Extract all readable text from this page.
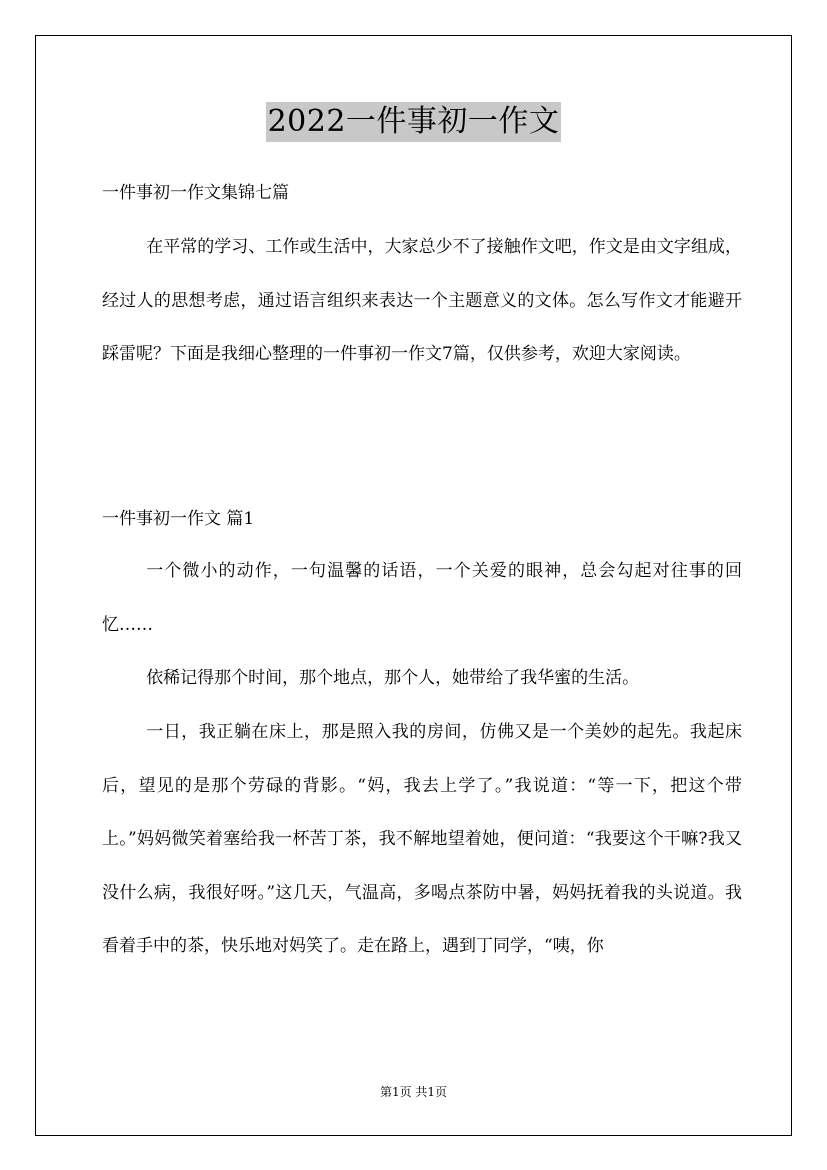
2022一件事初一作文
一件事初一作文集锦七篇

在平常的学习、工作或生活中，大家总少不了接触作文吧，作文是由文字组成，经过人的思想考虑，通过语言组织来表达一个主题意义的文体。怎么写作文才能避开踩雷呢？下面是我细心整理的一件事初一作文7篇，仅供参考，欢迎大家阅读。

一件事初一作文 篇1

一个微小的动作，一句温馨的话语，一个关爱的眼神，总会勾起对往事的回忆……

依稀记得那个时间，那个地点，那个人，她带给了我华蜜的生活。

一日，我正躺在床上，那是照入我的房间，仿佛又是一个美妙的起先。我起床后，望见的是那个劳碌的背影。“妈，我去上学了。”我说道：“等一下，把这个带上。”妈妈微笑着塞给我一杯苦丁茶，我不解地望着她，便问道：“我要这个干嘛?我又没什么病，我很好呀。”这几天，气温高，多喝点茶防中暑，妈妈抚着我的头说道。我看着手中的茶，快乐地对妈笑了。走在路上，遇到丁同学，“咦，你

第1页 共1页
